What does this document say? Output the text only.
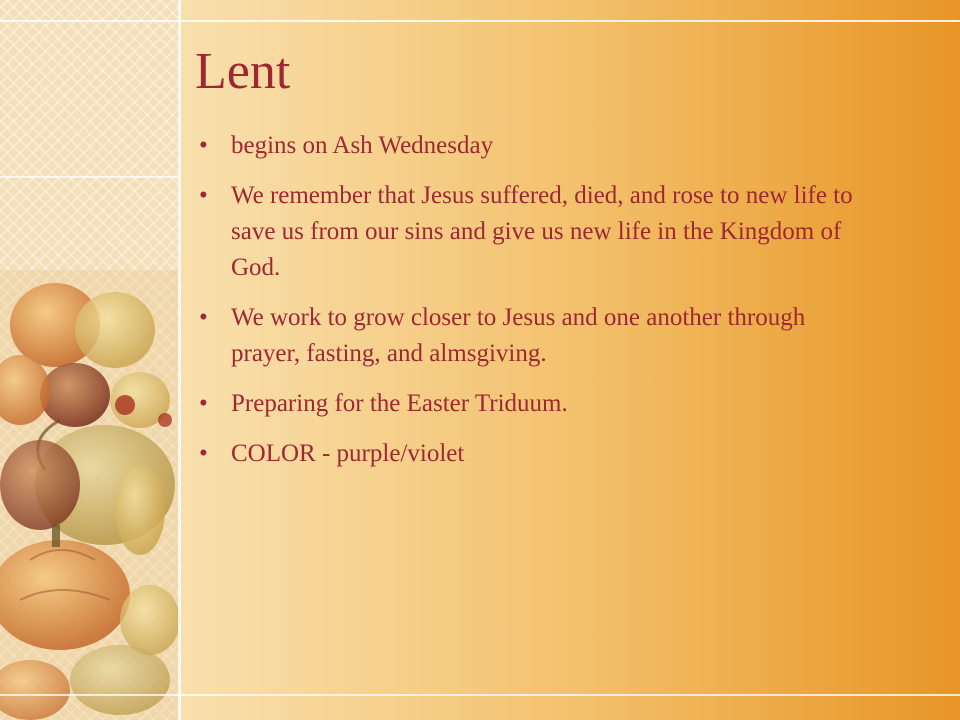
Lent
• begins on Ash Wednesday
• We remember that Jesus suffered, died, and rose to new life to save us from our sins and give us new life in the Kingdom of God.
• We work to grow closer to Jesus and one another through prayer, fasting, and almsgiving.
• Preparing for the Easter Triduum.
• COLOR - purple/violet
